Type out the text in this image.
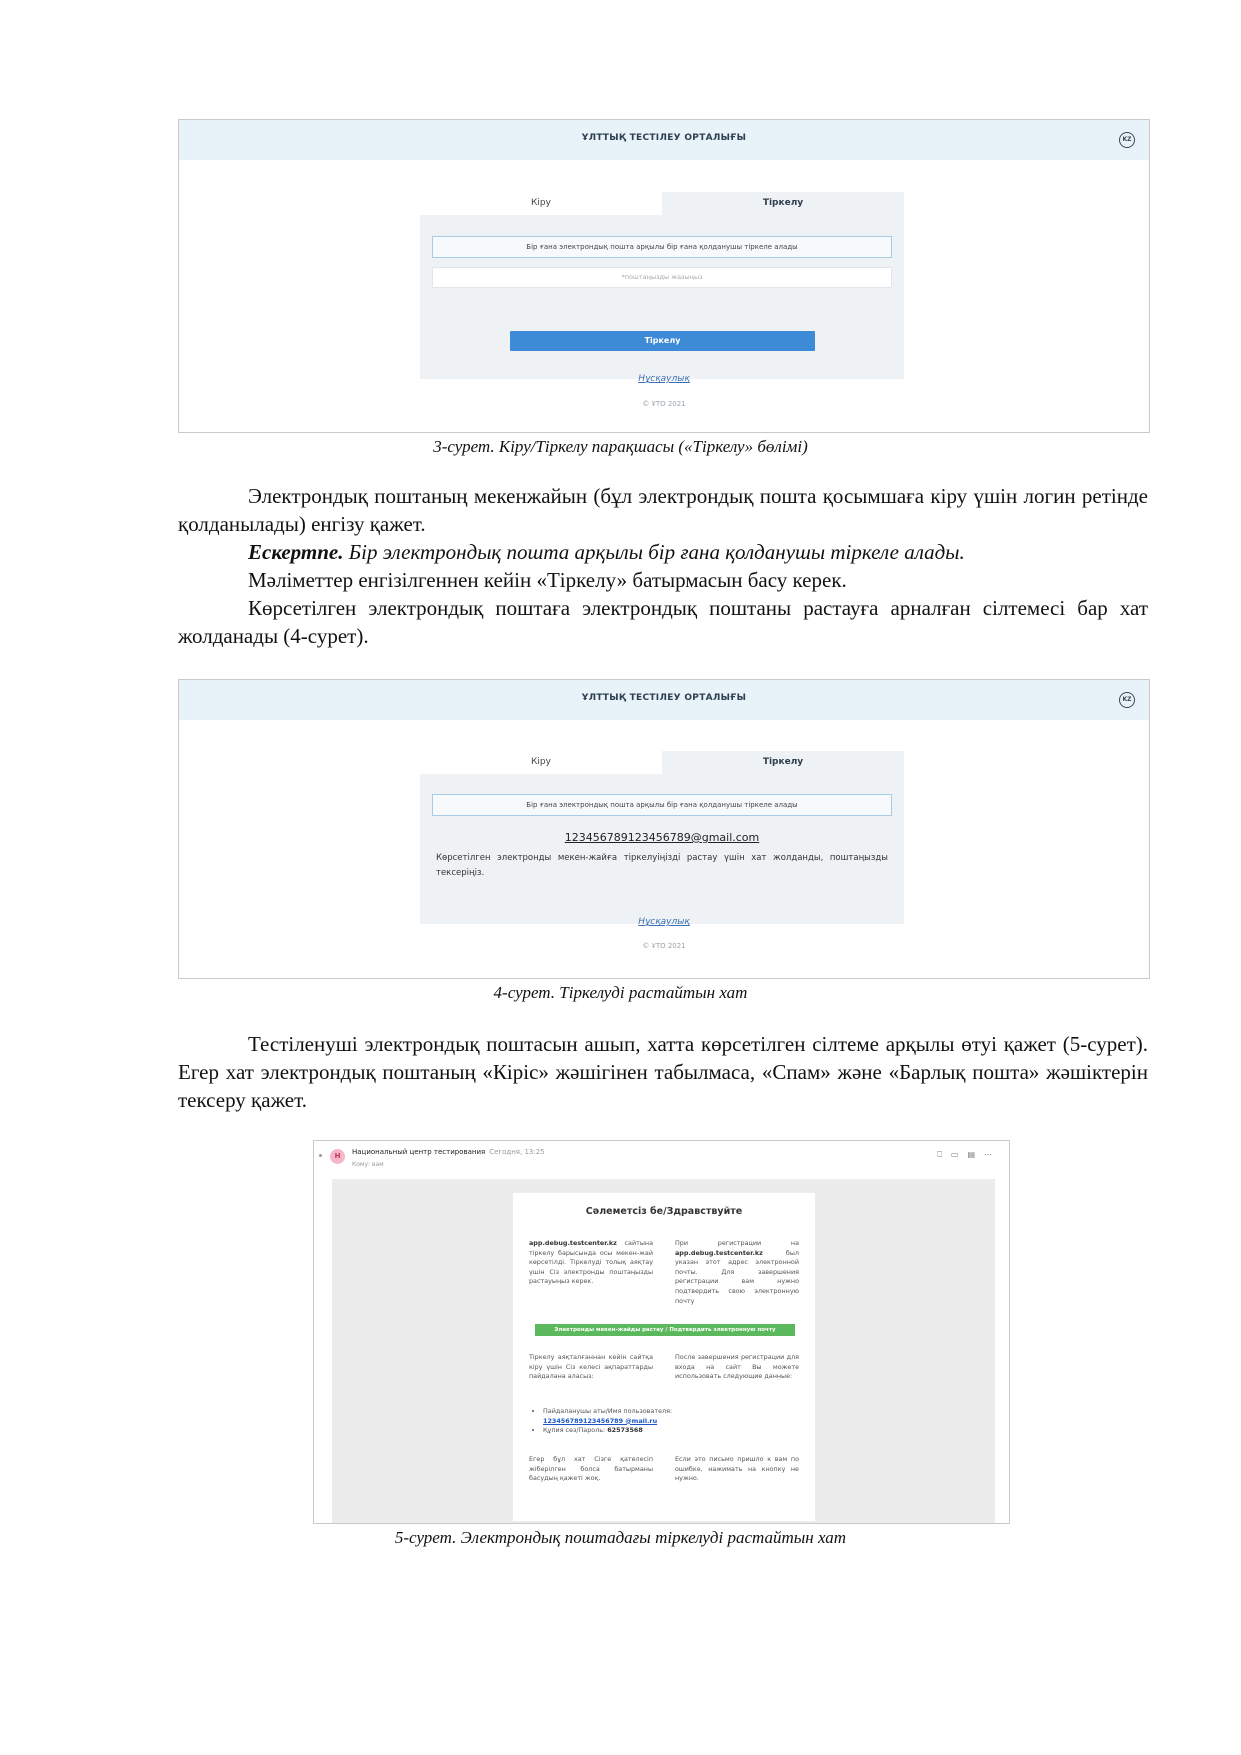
ҰЛТТЫҚ ТЕСТІЛЕУ ОРТАЛЫҒЫ	KZ
Кіру	Тіркелу
Бір ғана электрондық пошта арқылы бір ғана қолданушы тіркеле алады
*поштаңызды жазыңыз
Тіркелу
Нұсқаулық
© ҰТО 2021
3-сурет. Кіру/Тіркелу парақшасы («Тіркелу» бөлімі)

Электрондық поштаның мекенжайын (бұл электрондық пошта қосымшаға кіру үшін логин ретінде қолданылады) енгізу қажет.

Ескертпе. Бір электрондық пошта арқылы бір ғана қолданушы тіркеле алады.

Мәліметтер енгізілгеннен кейін «Тіркелу» батырмасын басу керек.

Көрсетілген электрондық поштаға электрондық поштаны растауға арналған сілтемесі бар хат жолданады (4-сурет).

ҰЛТТЫҚ ТЕСТІЛЕУ ОРТАЛЫҒЫ	KZ
Кіру	Тіркелу
Бір ғана электрондық пошта арқылы бір ғана қолданушы тіркеле алады
123456789123456789@gmail.com
Көрсетілген электронды мекен-жайға тіркелуіңізді растау үшін хат жолданды, поштаңызды тексеріңіз.
Нұсқаулық
© ҰТО 2021
4-сурет. Тіркелуді растайтын хат

Тестіленуші электрондық поштасын ашып, хатта көрсетілген сілтеме арқылы өтуі қажет (5-сурет). Егер хат электрондық поштаның «Кіріс» жәшігінен табылмаса, «Спам» және «Барлық пошта» жәшіктерін тексеру қажет.

Н	Национальный центр тестирования Сегодня, 13:25
Кому: вам
⎕▭▤⋯
Сәлеметсіз бе/Здравствуйте
app.debug.testcenter.kz сайтына тіркелу барысында осы мекен-жай көрсетілді. Тіркелуді толық аяқтау үшін Сіз электронды поштаңызды растауыңыз керек.
При регистрации на app.debug.testcenter.kz был указан этот адрес электронной почты. Для завершения регистрации вам нужно подтвердить свою электронную почту
Электронды мекен-жайды растау / Подтвердить электронную почту
Тіркелу аяқталғаннан кейін сайтқа кіру үшін Сіз келесі ақпараттарды пайдалана аласыз:
После завершения регистрации для входа на сайт Вы можете использовать следующие данные:
• Пайдаланушы аты/Имя пользователя:
123456789123456789 @mail.ru
• Құпия сөз/Пароль: 62573568
Егер бұл хат Сізге қателесіп жіберілген болса батырманы басудың қажеті жоқ.
Если это письмо пришло к вам по ошибке, нажимать на кнопку не нужно.
5-сурет. Электрондық поштадағы тіркелуді растайтын хат
